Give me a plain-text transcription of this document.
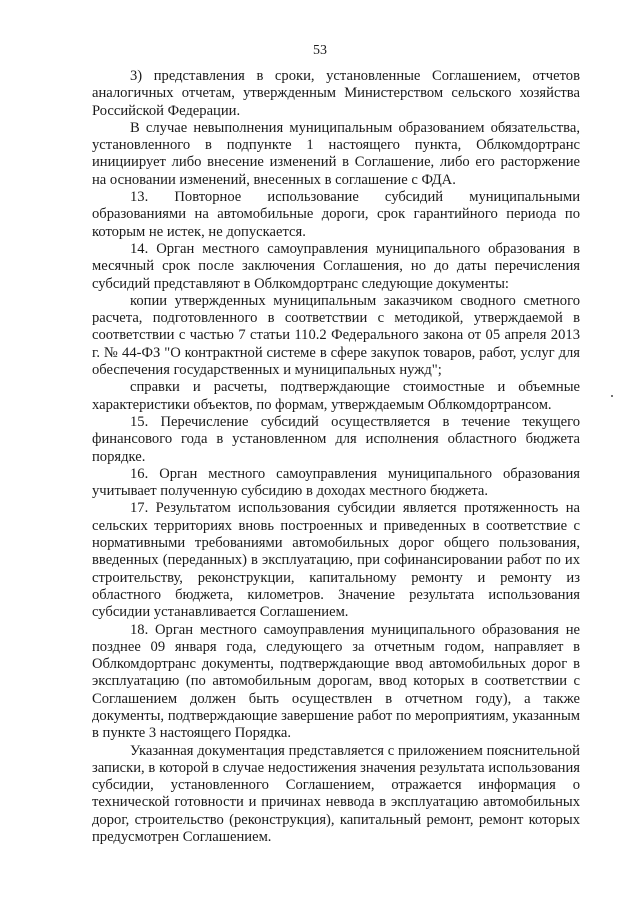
53

3) представления в сроки, установленные Соглашением, отчетов аналогичных отчетам, утвержденным Министерством сельского хозяйства Российской Федерации.

В случае невыполнения муниципальным образованием обязательства, установленного в подпункте 1 настоящего пункта, Облкомдортранс инициирует либо внесение изменений в Соглашение, либо его расторжение на основании изменений, внесенных в соглашение с ФДА.

13. Повторное использование субсидий муниципальными образованиями на автомобильные дороги, срок гарантийного периода по которым не истек, не допускается.

14. Орган местного самоуправления муниципального образования в месячный срок после заключения Соглашения, но до даты перечисления субсидий представляют в Облкомдортранс следующие документы:

копии утвержденных муниципальным заказчиком сводного сметного расчета, подготовленного в соответствии с методикой, утверждаемой в соответствии с частью 7 статьи 110.2 Федерального закона от 05 апреля 2013 г. № 44-ФЗ "О контрактной системе в сфере закупок товаров, работ, услуг для обеспечения государственных и муниципальных нужд";

справки и расчеты, подтверждающие стоимостные и объемные характеристики объектов, по формам, утверждаемым Облкомдортрансом.

15. Перечисление субсидий осуществляется в течение текущего финансового года в установленном для исполнения областного бюджета порядке.

16. Орган местного самоуправления муниципального образования учитывает полученную субсидию в доходах местного бюджета.

17. Результатом использования субсидии является протяженность на сельских территориях вновь построенных и приведенных в соответствие с нормативными требованиями автомобильных дорог общего пользования, введенных (переданных) в эксплуатацию, при софинансировании работ по их строительству, реконструкции, капитальному ремонту и ремонту из областного бюджета, километров. Значение результата использования субсидии устанавливается Соглашением.

18. Орган местного самоуправления муниципального образования не позднее 09 января года, следующего за отчетным годом, направляет в Облкомдортранс документы, подтверждающие ввод автомобильных дорог в эксплуатацию (по автомобильным дорогам, ввод которых в соответствии с Соглашением должен быть осуществлен в отчетном году), а также документы, подтверждающие завершение работ по мероприятиям, указанным в пункте 3 настоящего Порядка.

Указанная документация представляется с приложением пояснительной записки, в которой в случае недостижения значения результата использования субсидии, установленного Соглашением, отражается информация о технической готовности и причинах неввода в эксплуатацию автомобильных дорог, строительство (реконструкция), капитальный ремонт, ремонт которых предусмотрен Соглашением.
